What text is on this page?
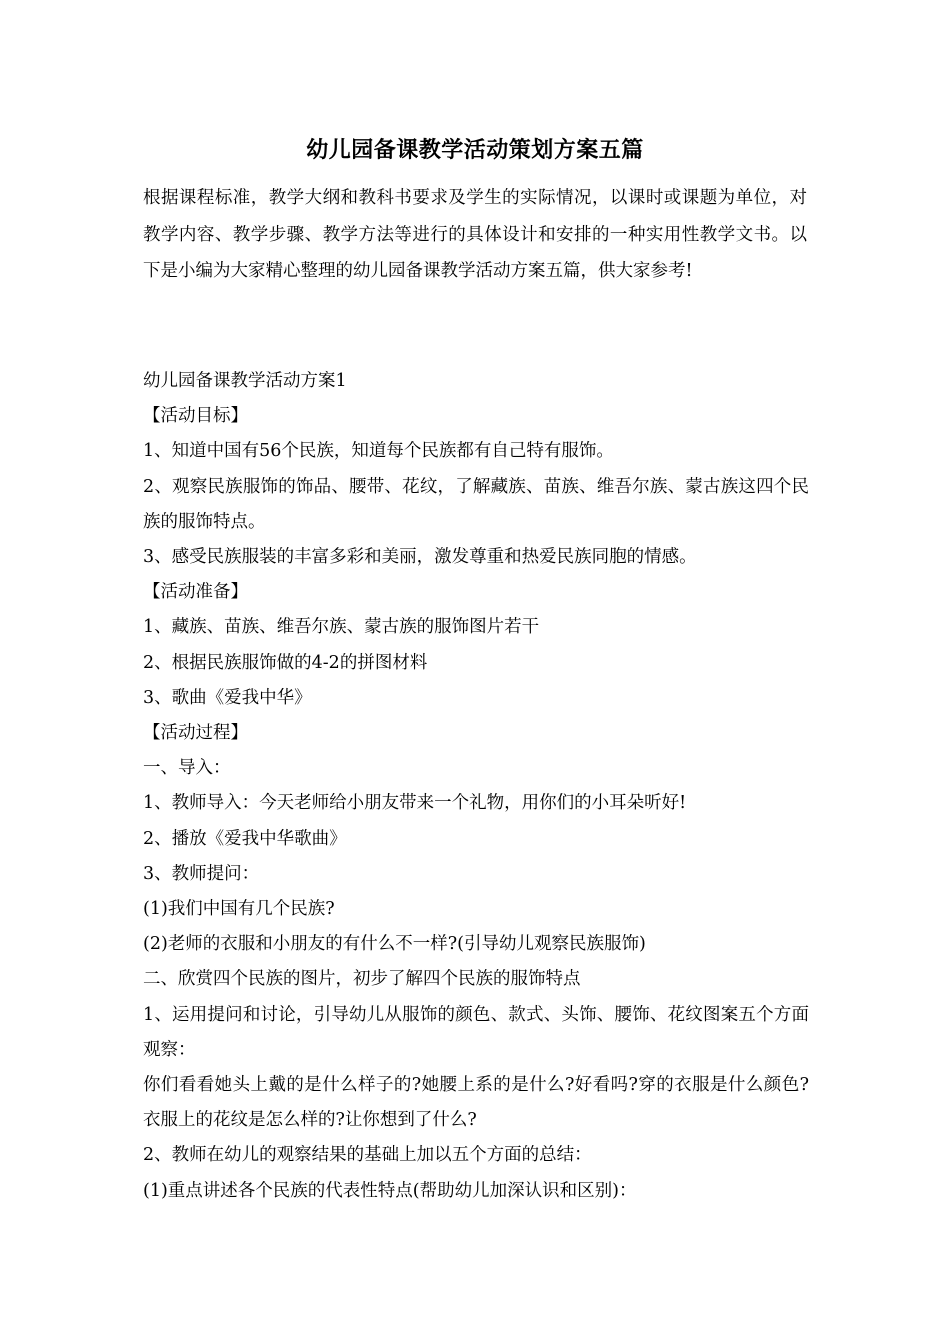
幼儿园备课教学活动策划方案五篇

根据课程标准，教学大纲和教科书要求及学生的实际情况，以课时或课题为单位，对教学内容、教学步骤、教学方法等进行的具体设计和安排的一种实用性教学文书。以下是小编为大家精心整理的幼儿园备课教学活动方案五篇，供大家参考!

幼儿园备课教学活动方案1
【活动目标】
1、知道中国有56个民族，知道每个民族都有自己特有服饰。
2、观察民族服饰的饰品、腰带、花纹，了解藏族、苗族、维吾尔族、蒙古族这四个民族的服饰特点。
3、感受民族服装的丰富多彩和美丽，激发尊重和热爱民族同胞的情感。
【活动准备】
1、藏族、苗族、维吾尔族、蒙古族的服饰图片若干
2、根据民族服饰做的4-2的拼图材料
3、歌曲《爱我中华》
【活动过程】
一、导入：
1、教师导入：今天老师给小朋友带来一个礼物，用你们的小耳朵听好!
2、播放《爱我中华歌曲》
3、教师提问：
(1)我们中国有几个民族?
(2)老师的衣服和小朋友的有什么不一样?(引导幼儿观察民族服饰)
二、欣赏四个民族的图片，初步了解四个民族的服饰特点
1、运用提问和讨论，引导幼儿从服饰的颜色、款式、头饰、腰饰、花纹图案五个方面观察：
你们看看她头上戴的是什么样子的?她腰上系的是什么?好看吗?穿的衣服是什么颜色?衣服上的花纹是怎么样的?让你想到了什么?
2、教师在幼儿的观察结果的基础上加以五个方面的总结：
(1)重点讲述各个民族的代表性特点(帮助幼儿加深认识和区别)：
